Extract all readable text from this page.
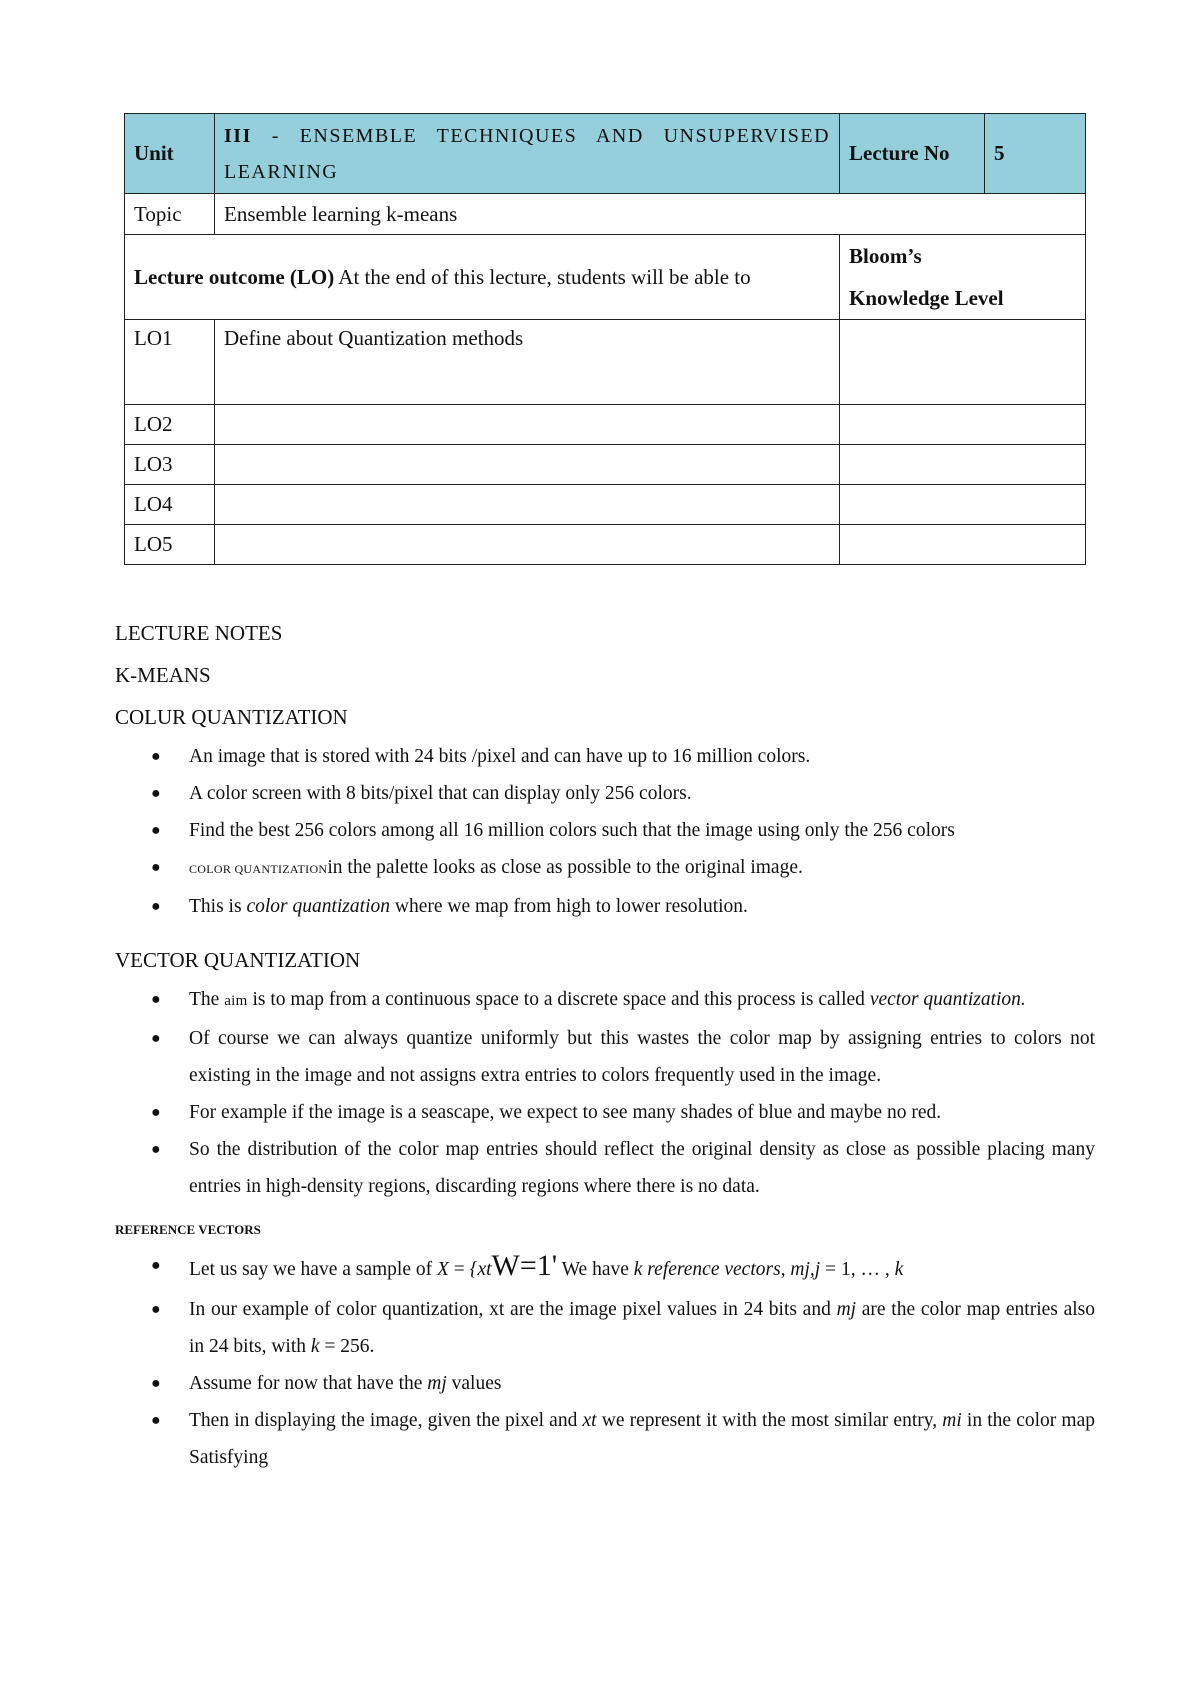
Unit	III - ENSEMBLE TECHNIQUES AND UNSUPERVISED LEARNING	Lecture No	5
Topic	Ensemble learning k-means		
Lecture outcome (LO) At the end of this lecture, students will be able to		Bloom’s
Knowledge Level	

LO1	Define about Quantization methods		
LO2			
LO3			
LO4			
LO5			
LECTURE NOTES
K-MEANS
COLUR QUANTIZATION
● An image that is stored with 24 bits /pixel and can have up to 16 million colors.
● A color screen with 8 bits/pixel that can display only 256 colors.
● Find the best 256 colors among all 16 million colors such that the image using only the 256 colors
● COLOR QUANTIZATIONin the palette looks as close as possible to the original image.
● This is color quantization where we map from high to lower resolution.
VECTOR QUANTIZATION
● The aim is to map from a continuous space to a discrete space and this process is called vector quantization.
● Of course we can always quantize uniformly but this wastes the color map by assigning entries to colors not existing in the image and not assigns extra entries to colors frequently used in the image.
● For example if the image is a seascape, we expect to see many shades of blue and maybe no red.
● So the distribution of the color map entries should reflect the original density as close as possible placing many entries in high-density regions, discarding regions where there is no data.
REFERENCE VECTORS
● Let us say we have a sample of X = {xtW=1' We have k reference vectors, mj,j = 1, … , k
● In our example of color quantization, xt are the image pixel values in 24 bits and mj are the color map entries also in 24 bits, with k = 256.
● Assume for now that have the mj values
● Then in displaying the image, given the pixel and xt we represent it with the most similar entry, mi in the color map Satisfying
